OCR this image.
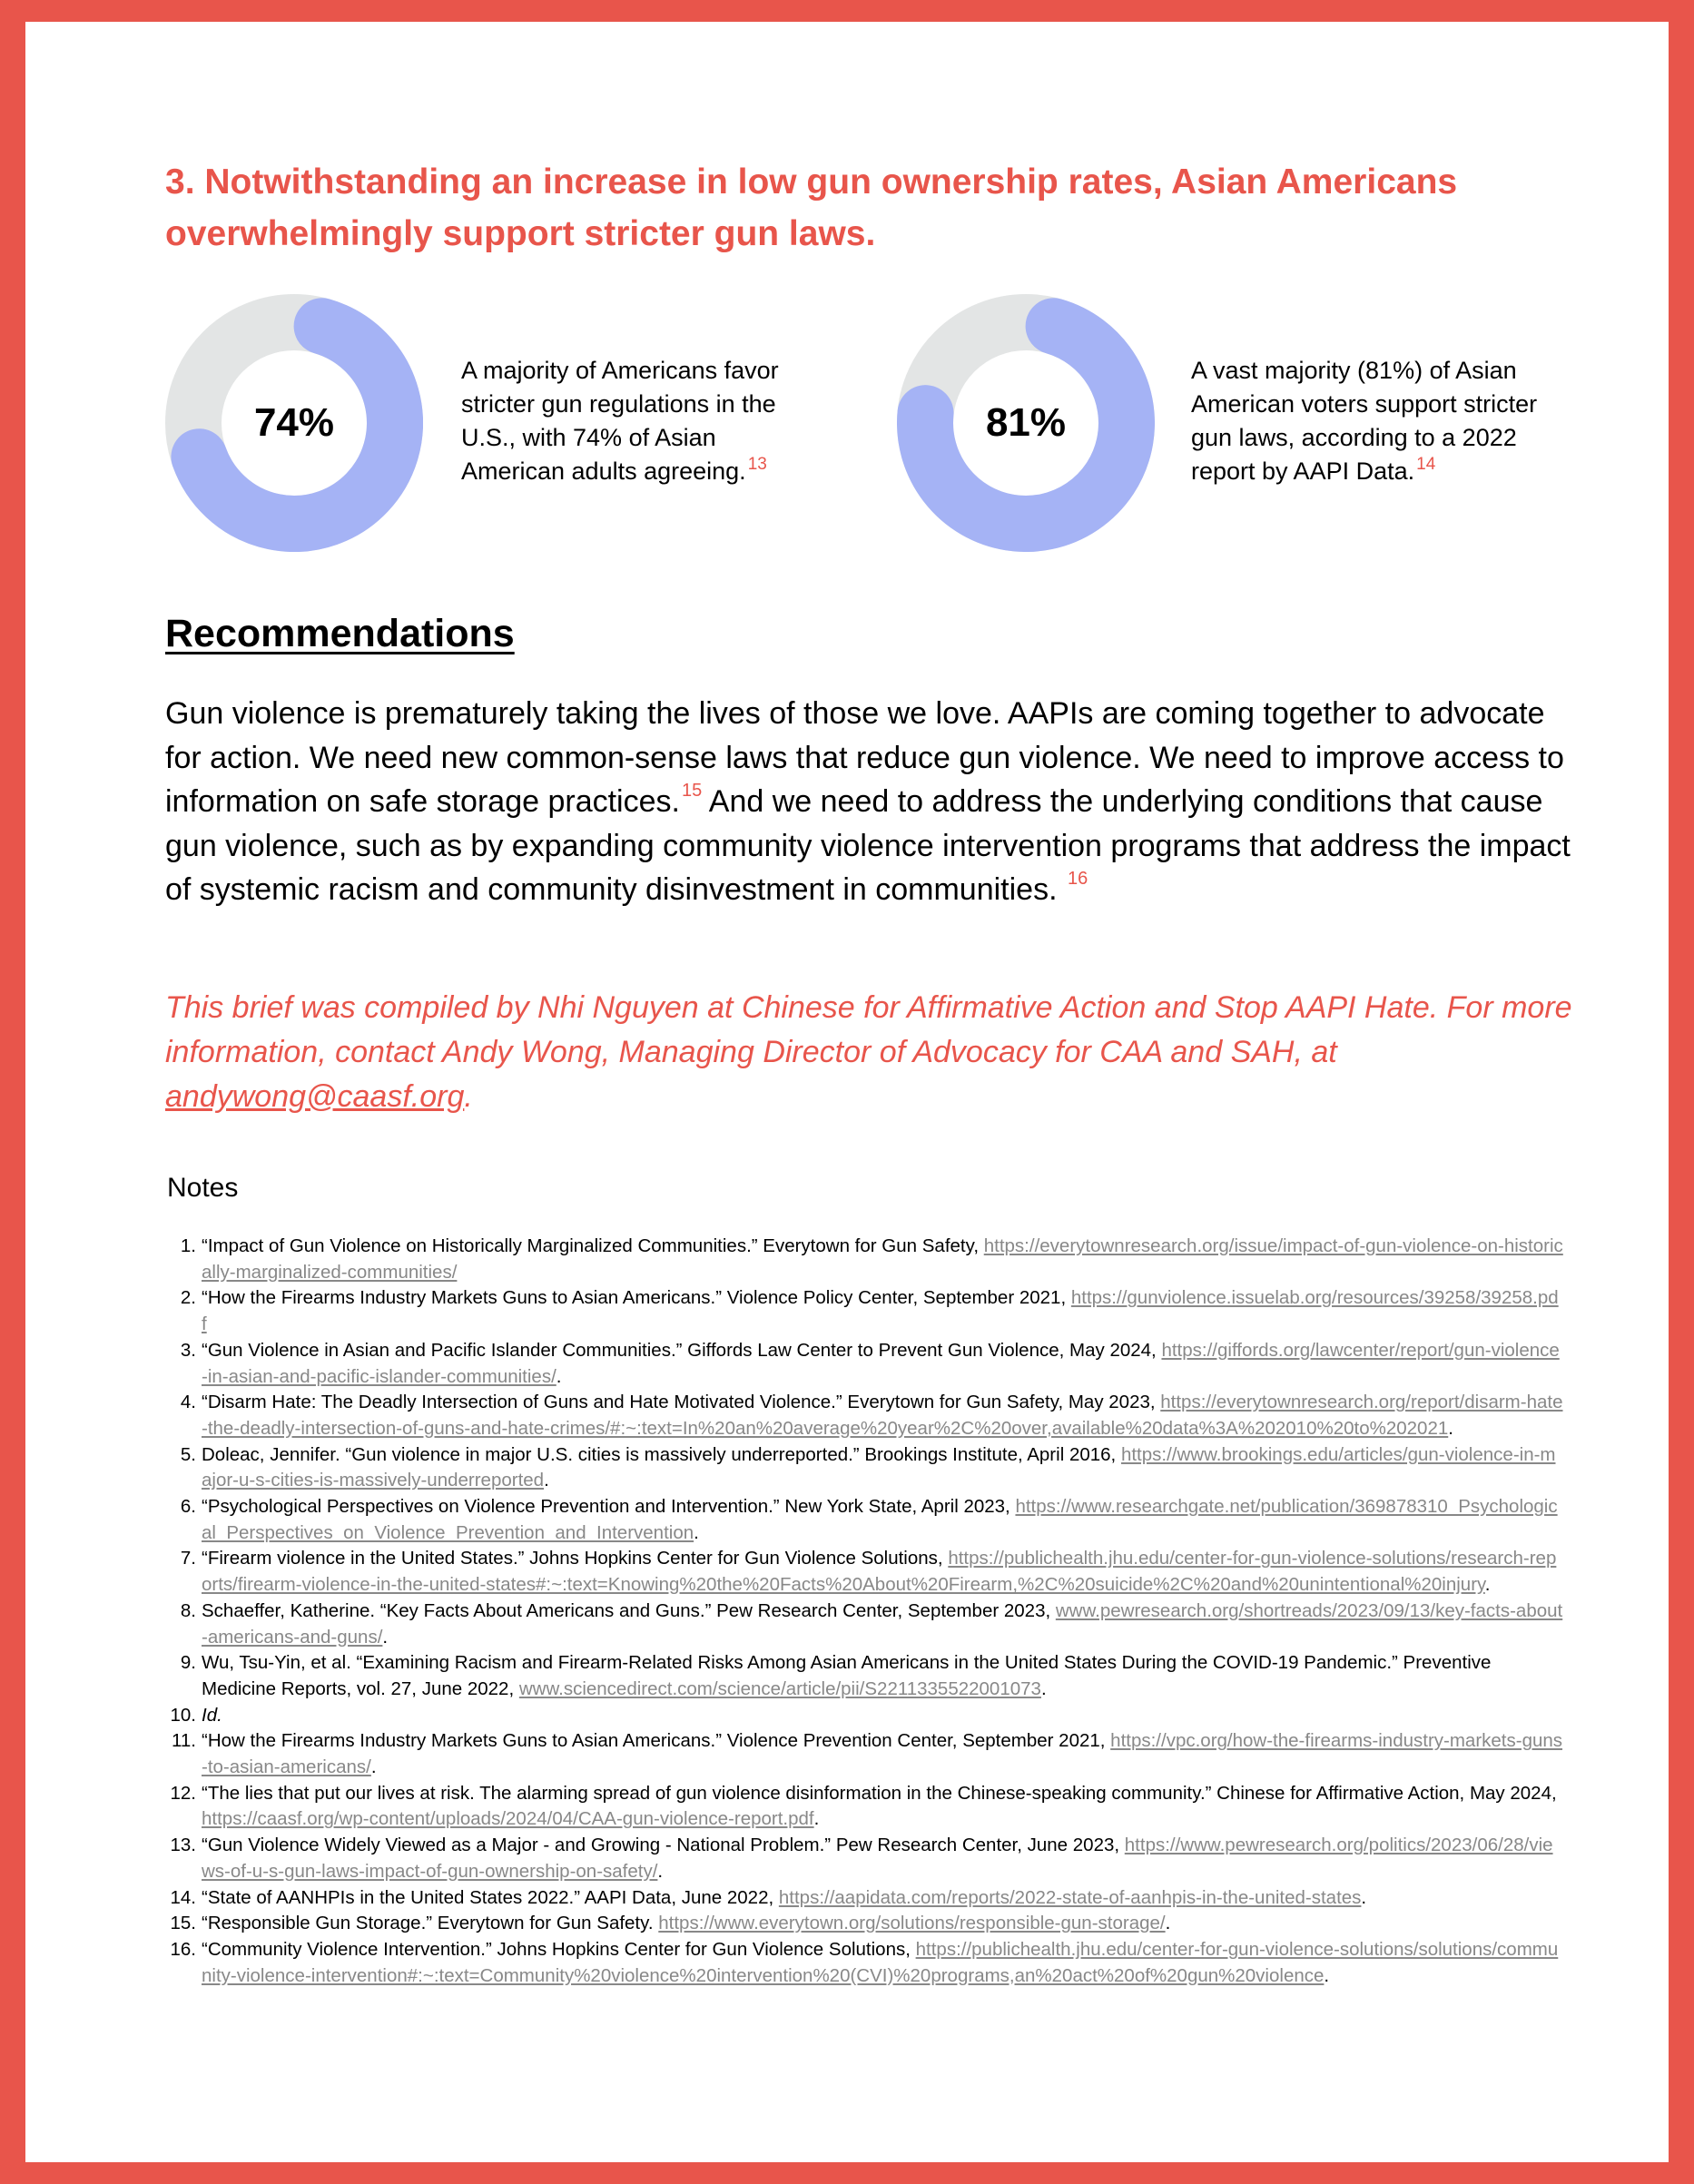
3. Notwithstanding an increase in low gun ownership rates, Asian Americans overwhelmingly support stricter gun laws.
74%
A majority of Americans favor stricter gun regulations in the U.S., with 74% of Asian American adults agreeing. $^{13}$
81%
A vast majority (81%) of Asian American voters support stricter gun laws, according to a 2022 report by AAPI Data. $^{14}$
Recommendations
Gun violence is prematurely taking the lives of those we love. AAPIs are coming together to advocate for action. We need new common-sense laws that reduce gun violence. We need to improve access to information on safe storage practices. $^{15}$ And we need to address the underlying conditions that cause gun violence, such as by expanding community violence intervention programs that address the impact of systemic racism and community disinvestment in communities. $^{16}$
This brief was compiled by Nhi Nguyen at Chinese for Affirmative Action and Stop AAPI Hate. For more information, contact Andy Wong, Managing Director of Advocacy for CAA and SAH, at andywong@caasf.org.
Notes
1. “Impact of Gun Violence on Historically Marginalized Communities.” Everytown for Gun Safety, https://everytownresearch.org/issue/impact-of-gun-violence-on-historically-marginalized-communities/
2. “How the Firearms Industry Markets Guns to Asian Americans.” Violence Policy Center, September 2021, https://gunviolence.issuelab.org/resources/39258/39258.pdf
3. “Gun Violence in Asian and Pacific Islander Communities.” Giffords Law Center to Prevent Gun Violence, May 2024, https://giffords.org/lawcenter/report/gun-violence-in-asian-and-pacific-islander-communities/.
4. “Disarm Hate: The Deadly Intersection of Guns and Hate Motivated Violence.” Everytown for Gun Safety, May 2023, https://everytownresearch.org/report/disarm-hate-the-deadly-intersection-of-guns-and-hate-crimes/#:~:text=In%20an%20average%20year%2C%20over,available%20data%3A%202010%20to%202021.
5. Doleac, Jennifer. “Gun violence in major U.S. cities is massively underreported.” Brookings Institute, April 2016, https://www.brookings.edu/articles/gun-violence-in-major-u-s-cities-is-massively-underreported.
6. “Psychological Perspectives on Violence Prevention and Intervention.” New York State, April 2023, https://www.researchgate.net/publication/369878310_Psychological_Perspectives_on_Violence_Prevention_and_Intervention.
7. “Firearm violence in the United States.” Johns Hopkins Center for Gun Violence Solutions, https://publichealth.jhu.edu/center-for-gun-violence-solutions/research-reports/firearm-violence-in-the-united-states#:~:text=Knowing%20the%20Facts%20About%20Firearm,%2C%20suicide%2C%20and%20unintentional%20injury.
8. Schaeffer, Katherine. “Key Facts About Americans and Guns.” Pew Research Center, September 2023, www.pewresearch.org/shortreads/2023/09/13/key-facts-about-americans-and-guns/.
9. Wu, Tsu-Yin, et al. “Examining Racism and Firearm-Related Risks Among Asian Americans in the United States During the COVID-19 Pandemic.” Preventive Medicine Reports, vol. 27, June 2022, www.sciencedirect.com/science/article/pii/S2211335522001073.
10. Id.
11. “How the Firearms Industry Markets Guns to Asian Americans.” Violence Prevention Center, September 2021, https://vpc.org/how-the-firearms-industry-markets-guns-to-asian-americans/.
12. “The lies that put our lives at risk. The alarming spread of gun violence disinformation in the Chinese-speaking community.” Chinese for Affirmative Action, May 2024, https://caasf.org/wp-content/uploads/2024/04/CAA-gun-violence-report.pdf.
13. “Gun Violence Widely Viewed as a Major - and Growing - National Problem.” Pew Research Center, June 2023, https://www.pewresearch.org/politics/2023/06/28/views-of-u-s-gun-laws-impact-of-gun-ownership-on-safety/.
14. “State of AANHPIs in the United States 2022.” AAPI Data, June 2022, https://aapidata.com/reports/2022-state-of-aanhpis-in-the-united-states.
15. “Responsible Gun Storage.” Everytown for Gun Safety. https://www.everytown.org/solutions/responsible-gun-storage/.
16. “Community Violence Intervention.” Johns Hopkins Center for Gun Violence Solutions, https://publichealth.jhu.edu/center-for-gun-violence-solutions/solutions/community-violence-intervention#:~:text=Community%20violence%20intervention%20(CVI)%20programs,an%20act%20of%20gun%20violence.
